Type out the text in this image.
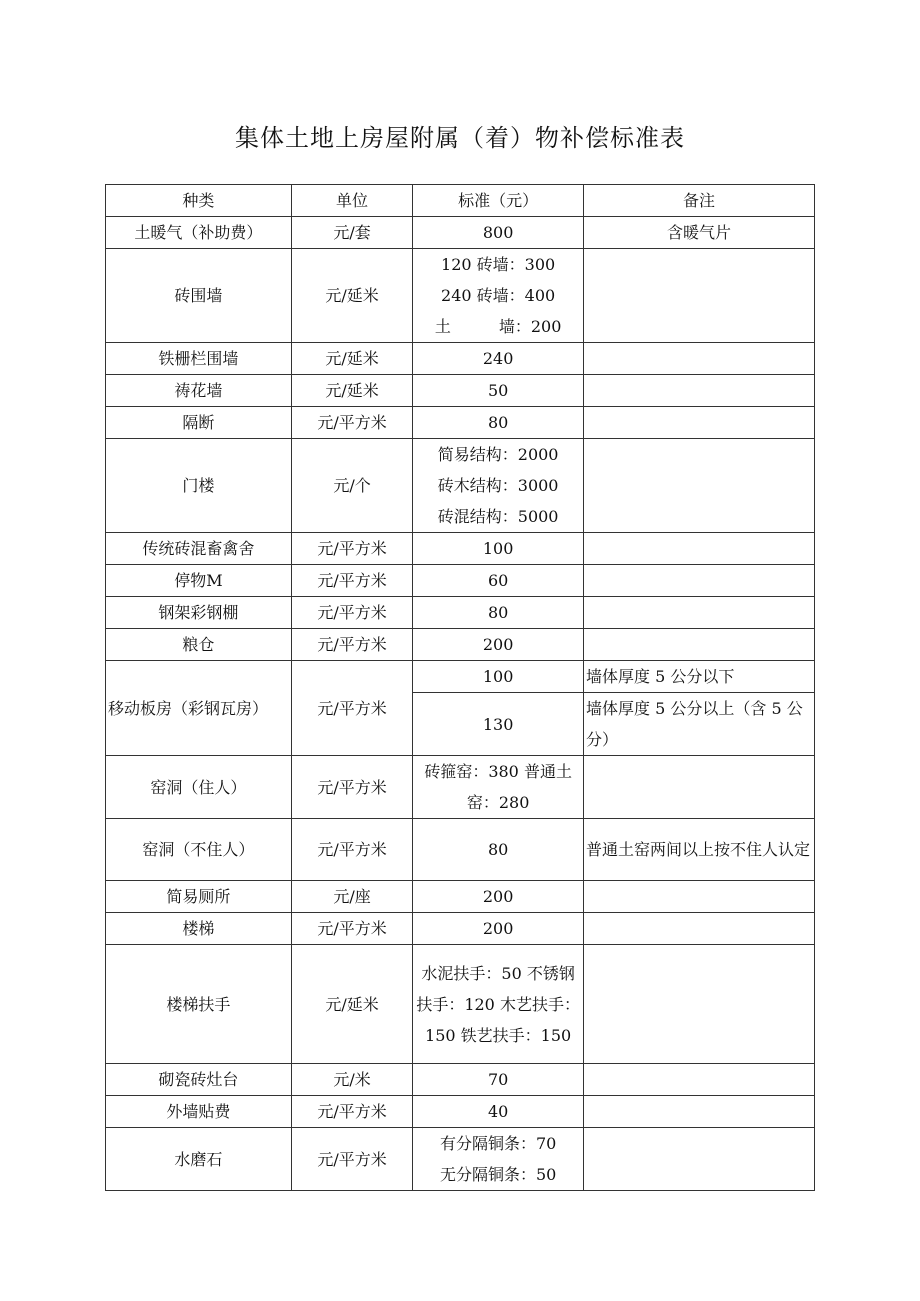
集体土地上房屋附属（着）物补偿标准表
种类	单位	标准（元）	备注
土暖气（补助费）	元/套	800	含暖气片
砖围墙	元/延米	120 砖墙：300
240 砖墙：400
土　　　墙：200	

铁栅栏围墙	元/延米	240	
祷花墙	元/延米	50	
隔断	元/平方米	80	
门楼	元/个	简易结构：2000
砖木结构：3000
砖混结构：5000	

传统砖混畜禽舍	元/平方米	100	
停物M	元/平方米	60	
钢架彩钢棚	元/平方米	80	
粮仓	元/平方米	200	
移动板房（彩钢瓦房）	元/平方米	100	墙体厚度 5 公分以下
		130	墙体厚度 5 公分以上（含 5 公分）
窑洞（住人）	元/平方米	砖箍窑：380 普通土窑：280	
窑洞（不住人）	元/平方米	80	普通土窑两间以上按不住人认定
简易厕所	元/座	200	
楼梯	元/平方米	200	
楼梯扶手	元/延米	水泥扶手：50 不锈钢扶手：120 木艺扶手：150 铁艺扶手：150	
砌瓷砖灶台	元/米	70	
外墙贴费	元/平方米	40	
水磨石	元/平方米	有分隔铜条：70
无分隔铜条：50	
